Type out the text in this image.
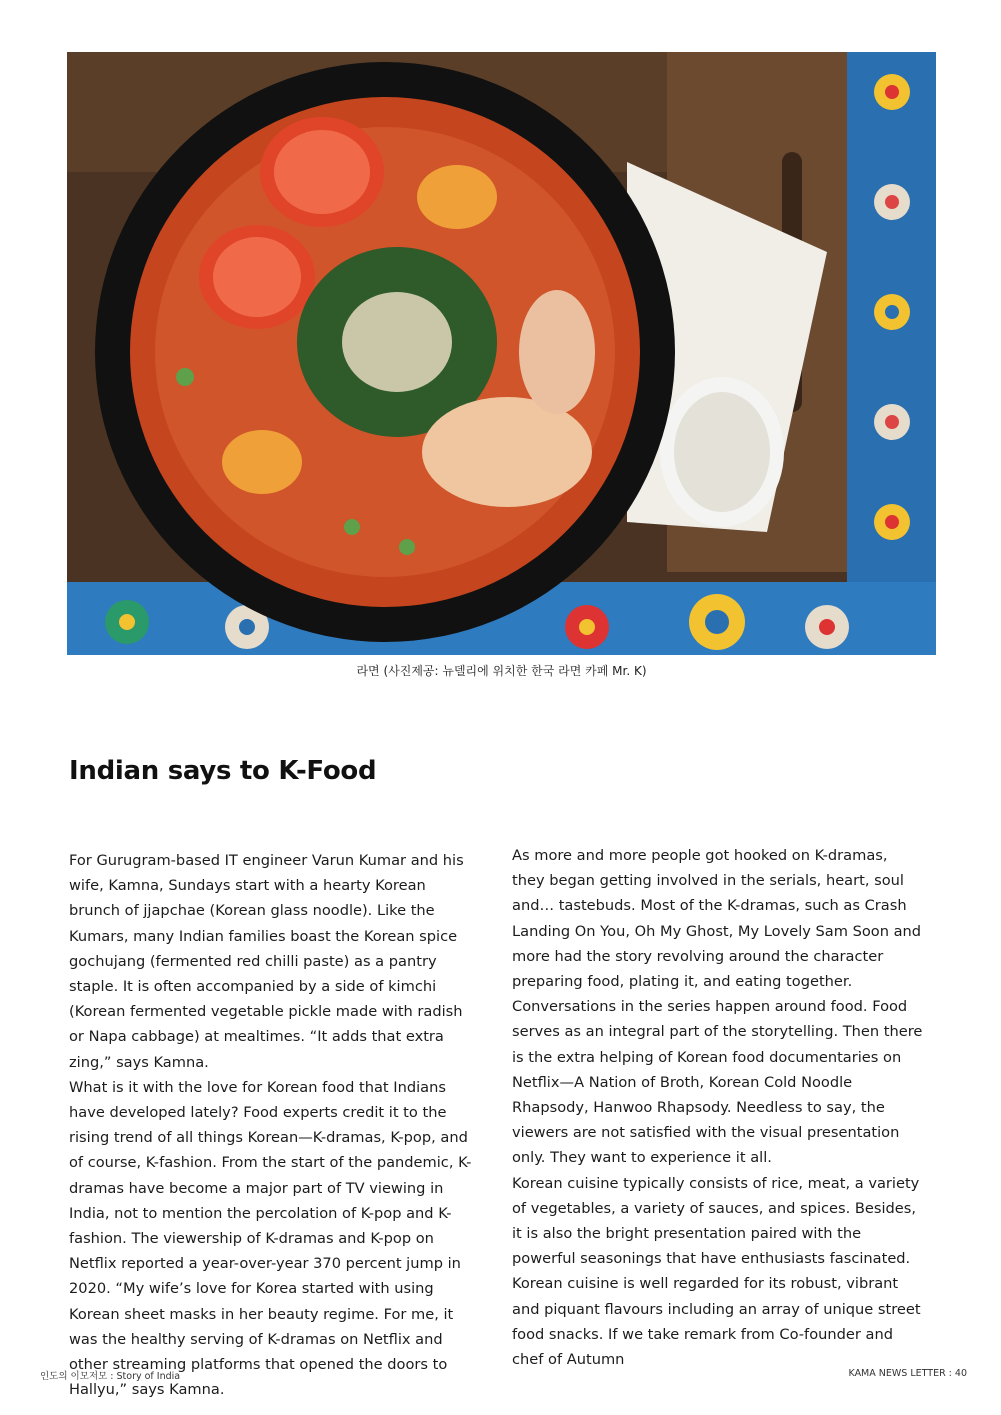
라면 (사진제공: 뉴델리에 위치한 한국 라면 카페 Mr. K)
Indian says to K-Food

For Gurugram-based IT engineer Varun Kumar and his wife, Kamna, Sundays start with a hearty Korean brunch of jjapchae (Korean glass noodle). Like the Kumars, many Indian families boast the Korean spice gochujang (fermented red chilli paste) as a pantry staple. It is often accompanied by a side of kimchi (Korean fermented vegetable pickle made with radish or Napa cabbage) at mealtimes. “It adds that extra zing,” says Kamna.

What is it with the love for Korean food that Indians have developed lately? Food experts credit it to the rising trend of all things Korean—K-dramas, K-pop, and of course, K-fashion. From the start of the pandemic, K-dramas have become a major part of TV viewing in India, not to mention the percolation of K-pop and K-fashion. The viewership of K-dramas and K-pop on Netflix reported a year-over-year 370 percent jump in 2020. “My wife’s love for Korea started with using Korean sheet masks in her beauty regime. For me, it was the healthy serving of K-dramas on Netflix and other streaming platforms that opened the doors to Hallyu,” says Kamna.

As more and more people got hooked on K-dramas, they began getting involved in the serials, heart, soul and… tastebuds. Most of the K-dramas, such as Crash Landing On You, Oh My Ghost, My Lovely Sam Soon and more had the story revolving around the character preparing food, plating it, and eating together. Conversations in the series happen around food. Food serves as an integral part of the storytelling. Then there is the extra helping of Korean food documentaries on Netflix—A Nation of Broth, Korean Cold Noodle Rhapsody, Hanwoo Rhapsody. Needless to say, the viewers are not satisfied with the visual presentation only. They want to experience it all.

Korean cuisine typically consists of rice, meat, a variety of vegetables, a variety of sauces, and spices. Besides, it is also the bright presentation paired with the powerful seasonings that have enthusiasts fascinated. Korean cuisine is well regarded for its robust, vibrant and piquant flavours including an array of unique street food snacks. If we take remark from Co-founder and chef of Autumn

인도의 이모저모 : Story of India	KAMA NEWS LETTER : 40
